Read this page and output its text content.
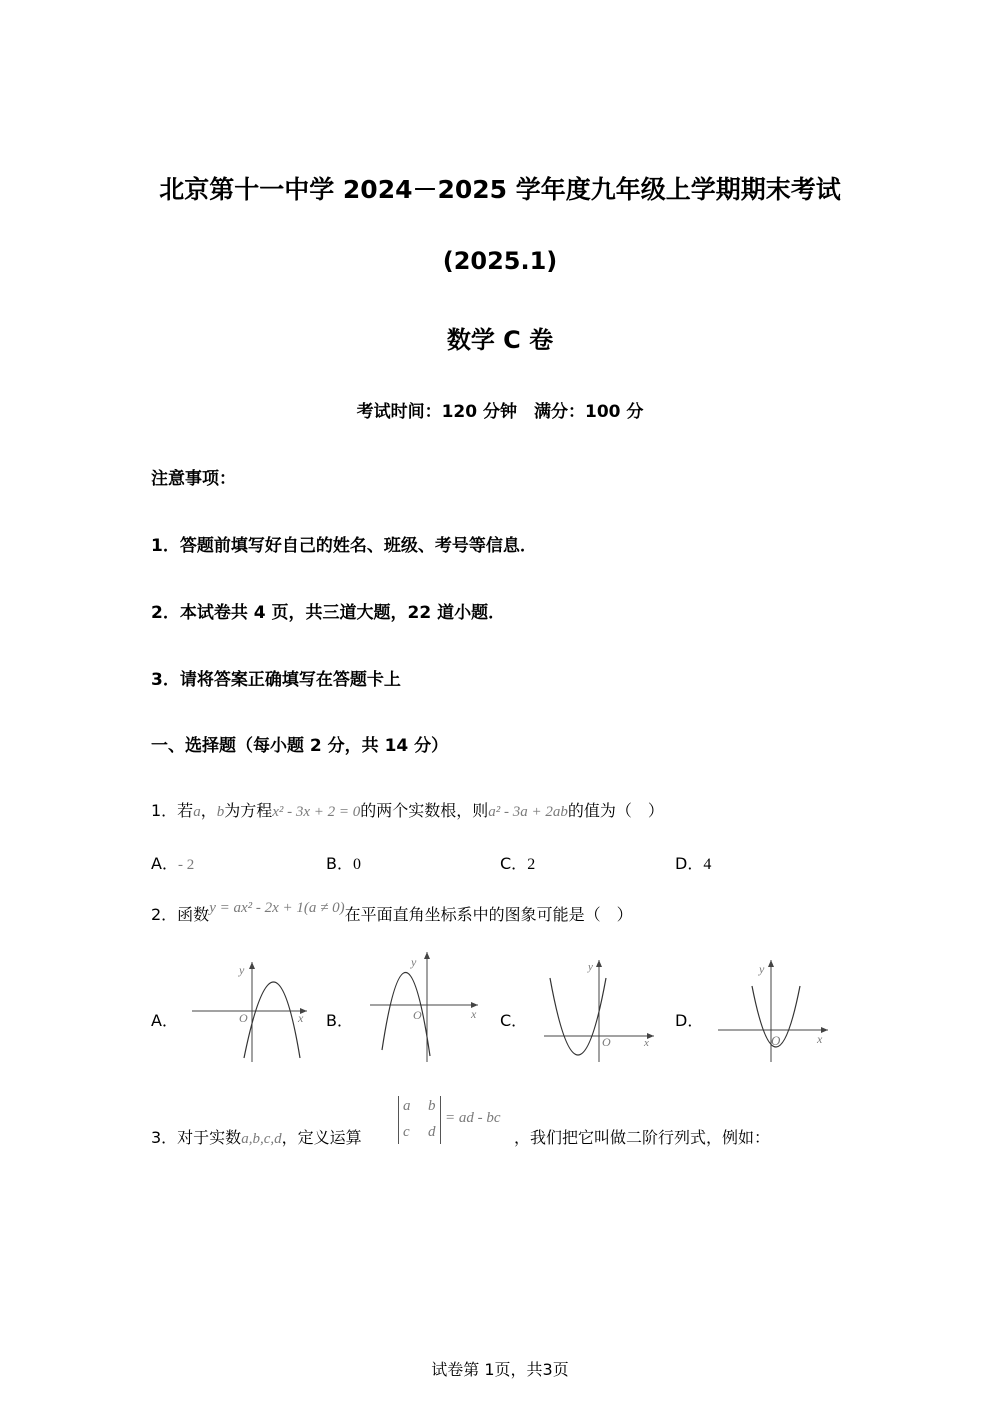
北京第十一中学 2024－2025 学年度九年级上学期期末考试
(2025.1)
数学 C 卷
考试时间：120 分钟　满分：100 分
注意事项：
1．答题前填写好自己的姓名、班级、考号等信息．
2．本试卷共 4 页，共三道大题，22 道小题．
3．请将答案正确填写在答题卡上
一、选择题（每小题 2 分，共 14 分）
1．若a，b为方程x² - 3x + 2 = 0的两个实数根，则a² - 3a + 2ab的值为（　）
A．- 2	B．0	C．2	D．4
2．函数y = ax² - 2x + 1(a ≠ 0)在平面直角坐标系中的图象可能是（　）
A．	B．	C．	D．
y
x
O
y
x
O
y
x
O
y
x
O
3．对于实数a,b,c,d，定义运算
a b
c d
= ad - bc
，我们把它叫做二阶行列式，例如：
试卷第 1页，共3页
